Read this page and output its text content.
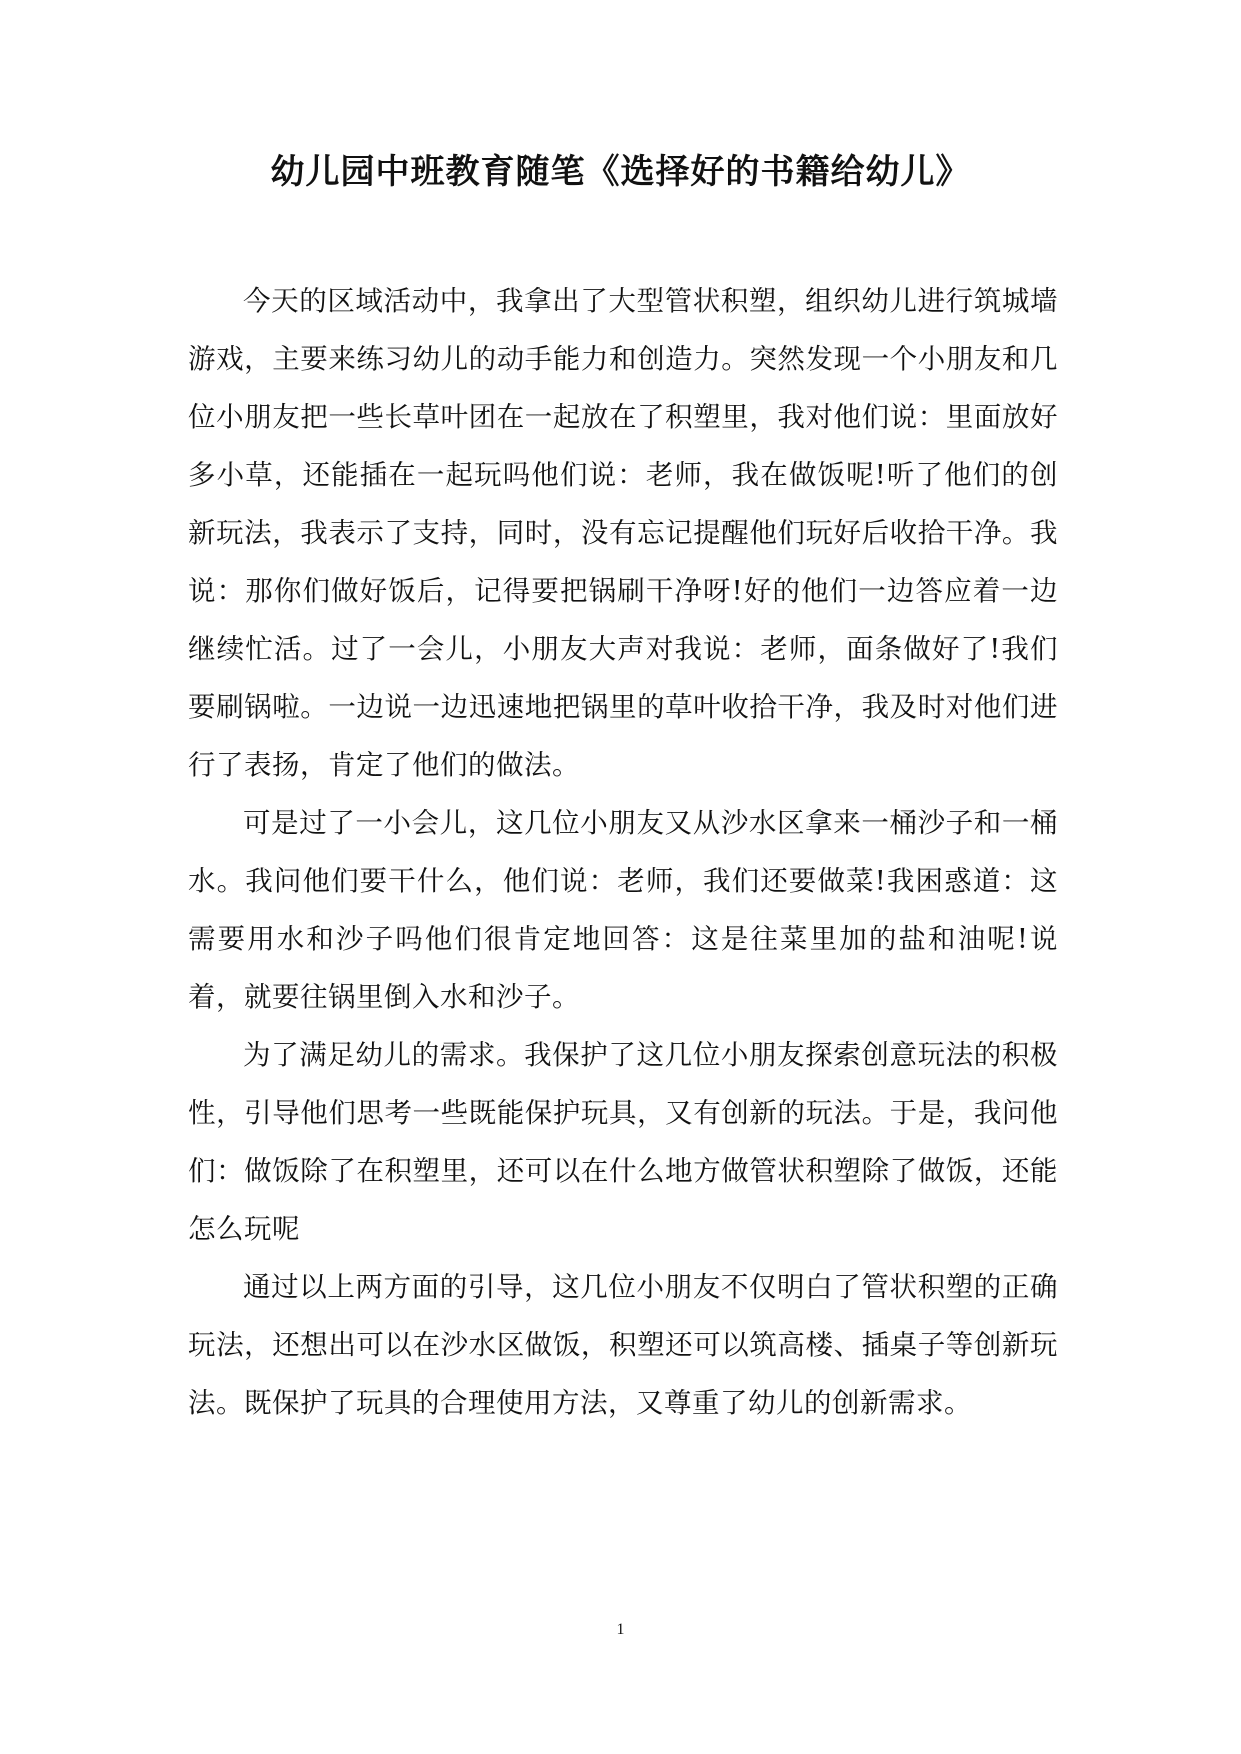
幼儿园中班教育随笔《选择好的书籍给幼儿》

今天的区域活动中，我拿出了大型管状积塑，组织幼儿进行筑城墙游戏，主要来练习幼儿的动手能力和创造力。突然发现一个小朋友和几位小朋友把一些长草叶团在一起放在了积塑里，我对他们说：里面放好多小草，还能插在一起玩吗他们说：老师，我在做饭呢!听了他们的创新玩法，我表示了支持，同时，没有忘记提醒他们玩好后收拾干净。我说：那你们做好饭后，记得要把锅刷干净呀!好的他们一边答应着一边继续忙活。过了一会儿，小朋友大声对我说：老师，面条做好了!我们要刷锅啦。一边说一边迅速地把锅里的草叶收拾干净，我及时对他们进行了表扬，肯定了他们的做法。

可是过了一小会儿，这几位小朋友又从沙水区拿来一桶沙子和一桶水。我问他们要干什么，他们说：老师，我们还要做菜!我困惑道：这需要用水和沙子吗他们很肯定地回答：这是往菜里加的盐和油呢!说着，就要往锅里倒入水和沙子。

为了满足幼儿的需求。我保护了这几位小朋友探索创意玩法的积极性，引导他们思考一些既能保护玩具，又有创新的玩法。于是，我问他们：做饭除了在积塑里，还可以在什么地方做管状积塑除了做饭，还能怎么玩呢

通过以上两方面的引导，这几位小朋友不仅明白了管状积塑的正确玩法，还想出可以在沙水区做饭，积塑还可以筑高楼、插桌子等创新玩法。既保护了玩具的合理使用方法，又尊重了幼儿的创新需求。

1
